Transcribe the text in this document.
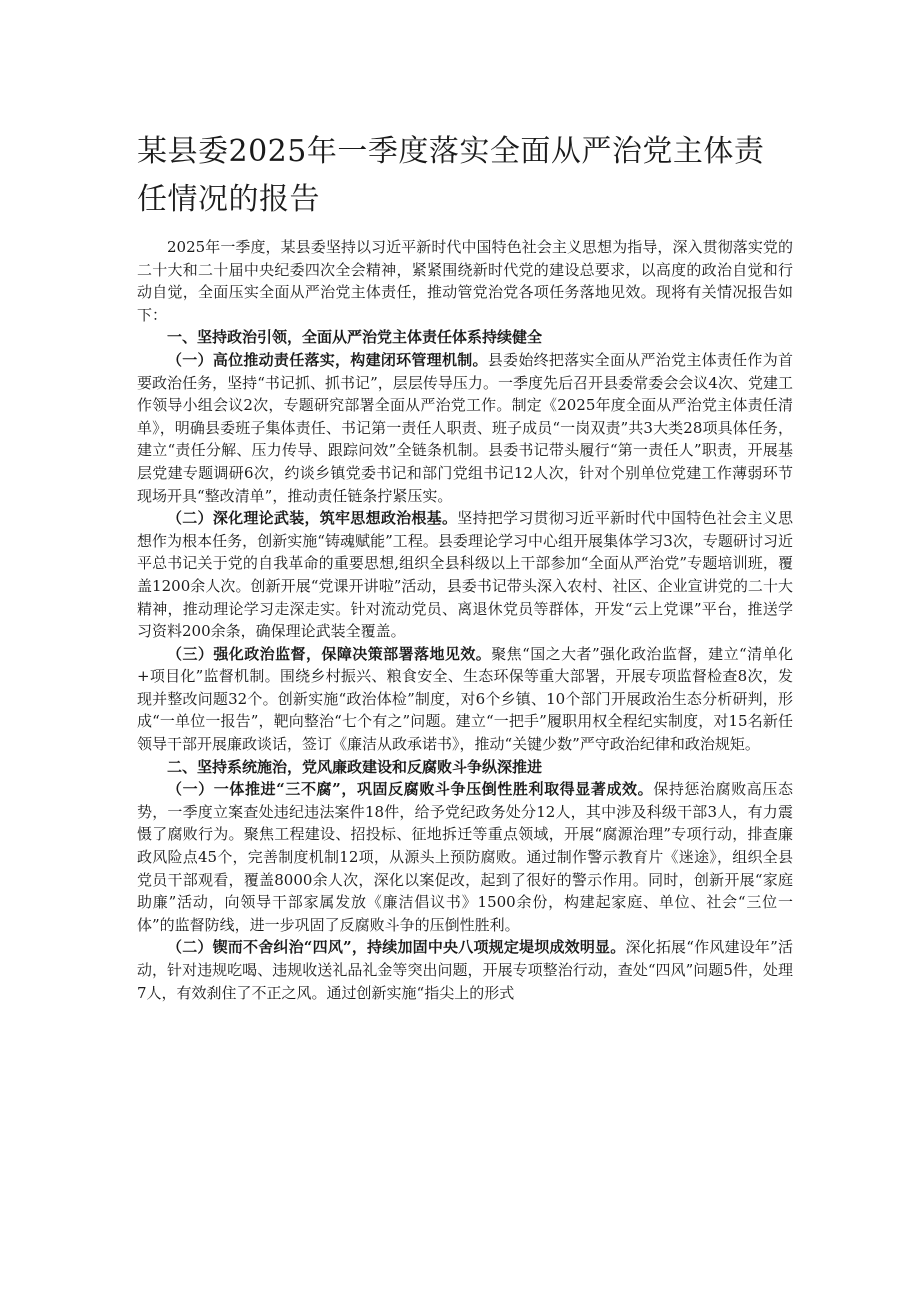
某县委2025年一季度落实全面从严治党主体责任情况的报告

2025年一季度，某县委坚持以习近平新时代中国特色社会主义思想为指导，深入贯彻落实党的二十大和二十届中央纪委四次全会精神，紧紧围绕新时代党的建设总要求，以高度的政治自觉和行动自觉，全面压实全面从严治党主体责任，推动管党治党各项任务落地见效。现将有关情况报告如下：

一、坚持政治引领，全面从严治党主体责任体系持续健全

（一）高位推动责任落实，构建闭环管理机制。县委始终把落实全面从严治党主体责任作为首要政治任务，坚持“书记抓、抓书记”，层层传导压力。一季度先后召开县委常委会会议4次、党建工作领导小组会议2次，专题研究部署全面从严治党工作。制定《2025年度全面从严治党主体责任清单》，明确县委班子集体责任、书记第一责任人职责、班子成员“一岗双责”共3大类28项具体任务，建立“责任分解、压力传导、跟踪问效”全链条机制。县委书记带头履行“第一责任人”职责，开展基层党建专题调研6次，约谈乡镇党委书记和部门党组书记12人次，针对个别单位党建工作薄弱环节现场开具“整改清单”，推动责任链条拧紧压实。

（二）深化理论武装，筑牢思想政治根基。坚持把学习贯彻习近平新时代中国特色社会主义思想作为根本任务，创新实施“铸魂赋能”工程。县委理论学习中心组开展集体学习3次，专题研讨习近平总书记关于党的自我革命的重要思想,组织全县科级以上干部参加“全面从严治党”专题培训班，覆盖1200余人次。创新开展“党课开讲啦”活动，县委书记带头深入农村、社区、企业宣讲党的二十大精神，推动理论学习走深走实。针对流动党员、离退休党员等群体，开发“云上党课”平台，推送学习资料200余条，确保理论武装全覆盖。

（三）强化政治监督，保障决策部署落地见效。聚焦“国之大者”强化政治监督，建立“清单化+项目化”监督机制。围绕乡村振兴、粮食安全、生态环保等重大部署，开展专项监督检查8次，发现并整改问题32个。创新实施“政治体检”制度，对6个乡镇、10个部门开展政治生态分析研判，形成“一单位一报告”，靶向整治“七个有之”问题。建立“一把手”履职用权全程纪实制度，对15名新任领导干部开展廉政谈话，签订《廉洁从政承诺书》，推动“关键少数”严守政治纪律和政治规矩。

二、坚持系统施治，党风廉政建设和反腐败斗争纵深推进

（一）一体推进“三不腐”，巩固反腐败斗争压倒性胜利取得显著成效。保持惩治腐败高压态势，一季度立案查处违纪违法案件18件，给予党纪政务处分12人，其中涉及科级干部3人，有力震慑了腐败行为。聚焦工程建设、招投标、征地拆迁等重点领域，开展“腐源治理”专项行动，排查廉政风险点45个，完善制度机制12项，从源头上预防腐败。通过制作警示教育片《迷途》，组织全县党员干部观看，覆盖8000余人次，深化以案促改，起到了很好的警示作用。同时，创新开展“家庭助廉”活动，向领导干部家属发放《廉洁倡议书》1500余份，构建起家庭、单位、社会“三位一体”的监督防线，进一步巩固了反腐败斗争的压倒性胜利。

（二）锲而不舍纠治“四风”，持续加固中央八项规定堤坝成效明显。深化拓展“作风建设年”活动，针对违规吃喝、违规收送礼品礼金等突出问题，开展专项整治行动，查处“四风”问题5件，处理7人，有效刹住了不正之风。通过创新实施“指尖上的形式
